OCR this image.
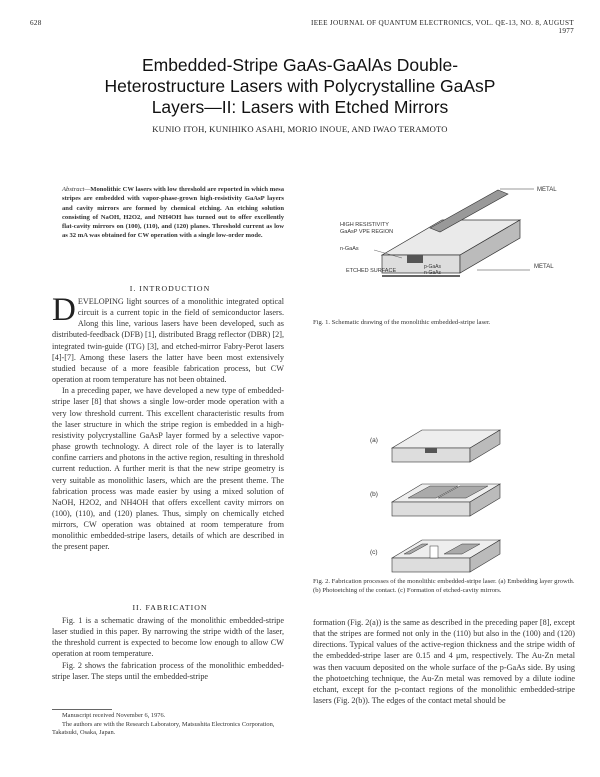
628	IEEE JOURNAL OF QUANTUM ELECTRONICS, VOL. QE-13, NO. 8, AUGUST 1977
Embedded-Stripe GaAs-GaAlAs Double-
Heterostructure Lasers with Polycrystalline GaAsP
Layers—II: Lasers with Etched Mirrors
KUNIO ITOH, KUNIHIKO ASAHI, MORIO INOUE, AND IWAO TERAMOTO
Abstract—Monolithic CW lasers with low threshold are reported in which mesa stripes are embedded with vapor-phase-grown high-resistivity GaAsP layers and cavity mirrors are formed by chemical etching. An etching solution consisting of NaOH, H2O2, and NH4OH has turned out to offer excellently flat-cavity mirrors on (100), (110), and (120) planes. Threshold current as low as 32 mA was obtained for CW operation with a single low-order mode.
I. INTRODUCTION

DEVELOPING light sources of a monolithic integrated optical circuit is a current topic in the field of semiconductor lasers. Along this line, various lasers have been developed, such as distributed-feedback (DFB) [1], distributed Bragg reflector (DBR) [2], integrated twin-guide (ITG) [3], and etched-mirror Fabry-Perot lasers [4]-[7]. Among these lasers the latter have been most extensively studied because of a more feasible fabrication process, but CW operation at room temperature has not been obtained.

In a preceding paper, we have developed a new type of embedded-stripe laser [8] that shows a single low-order mode operation with a very low threshold current. This excellent characteristic results from the laser structure in which the stripe region is embedded in a high-resistivity polycrystalline GaAsP layer formed by a selective vapor-phase growth technology. A direct role of the layer is to laterally confine carriers and photons in the active region, resulting in threshold current reduction. A further merit is that the new stripe geometry is very suitable as monolithic lasers, which are the present theme. The fabrication process was made easier by using a mixed solution of NaOH, H2O2, and NH4OH that offers excellent cavity mirrors on (100), (110), and (120) planes. Thus, simply on chemically etched mirrors, CW operation was obtained at room temperature from monolithic embedded-stripe lasers, details of which are described in the present paper.

II. FABRICATION

Fig. 1 is a schematic drawing of the monolithic embedded-stripe laser studied in this paper. By narrowing the stripe width of the laser, the threshold current is expected to become low enough to allow CW operation at room temperature.

Fig. 2 shows the fabrication process of the monolithic embedded-stripe laser. The steps until the embedded-stripe

Manuscript received November 6, 1976.
The authors are with the Research Laboratory, Matsushita Electronics Corporation, Takatsuki, Osaka, Japan.
METAL
HIGH RESISTIVITY
GaAsP VPE REGION
n-GaAs
ETCHED SURFACE
p-GaAs
n-GaAs
METAL
Fig. 1. Schematic drawing of the monolithic embedded-stripe laser.
(a)
(b)
(c)
Fig. 2. Fabrication processes of the monolithic embedded-stripe laser. (a) Embedding layer growth. (b) Photoetching of the contact. (c) Formation of etched-cavity mirrors.

formation (Fig. 2(a)) is the same as described in the preceding paper [8], except that the stripes are formed not only in the (110) but also in the (100) and (120) directions. Typical values of the active-region thickness and the stripe width of the embedded-stripe laser are 0.15 and 4 μm, respectively. The Au-Zn metal was then vacuum deposited on the whole surface of the p-GaAs side. By using the photoetching technique, the Au-Zn metal was removed by a dilute iodine etchant, except for the p-contact regions of the monolithic embedded-stripe lasers (Fig. 2(b)). The edges of the contact metal should be
